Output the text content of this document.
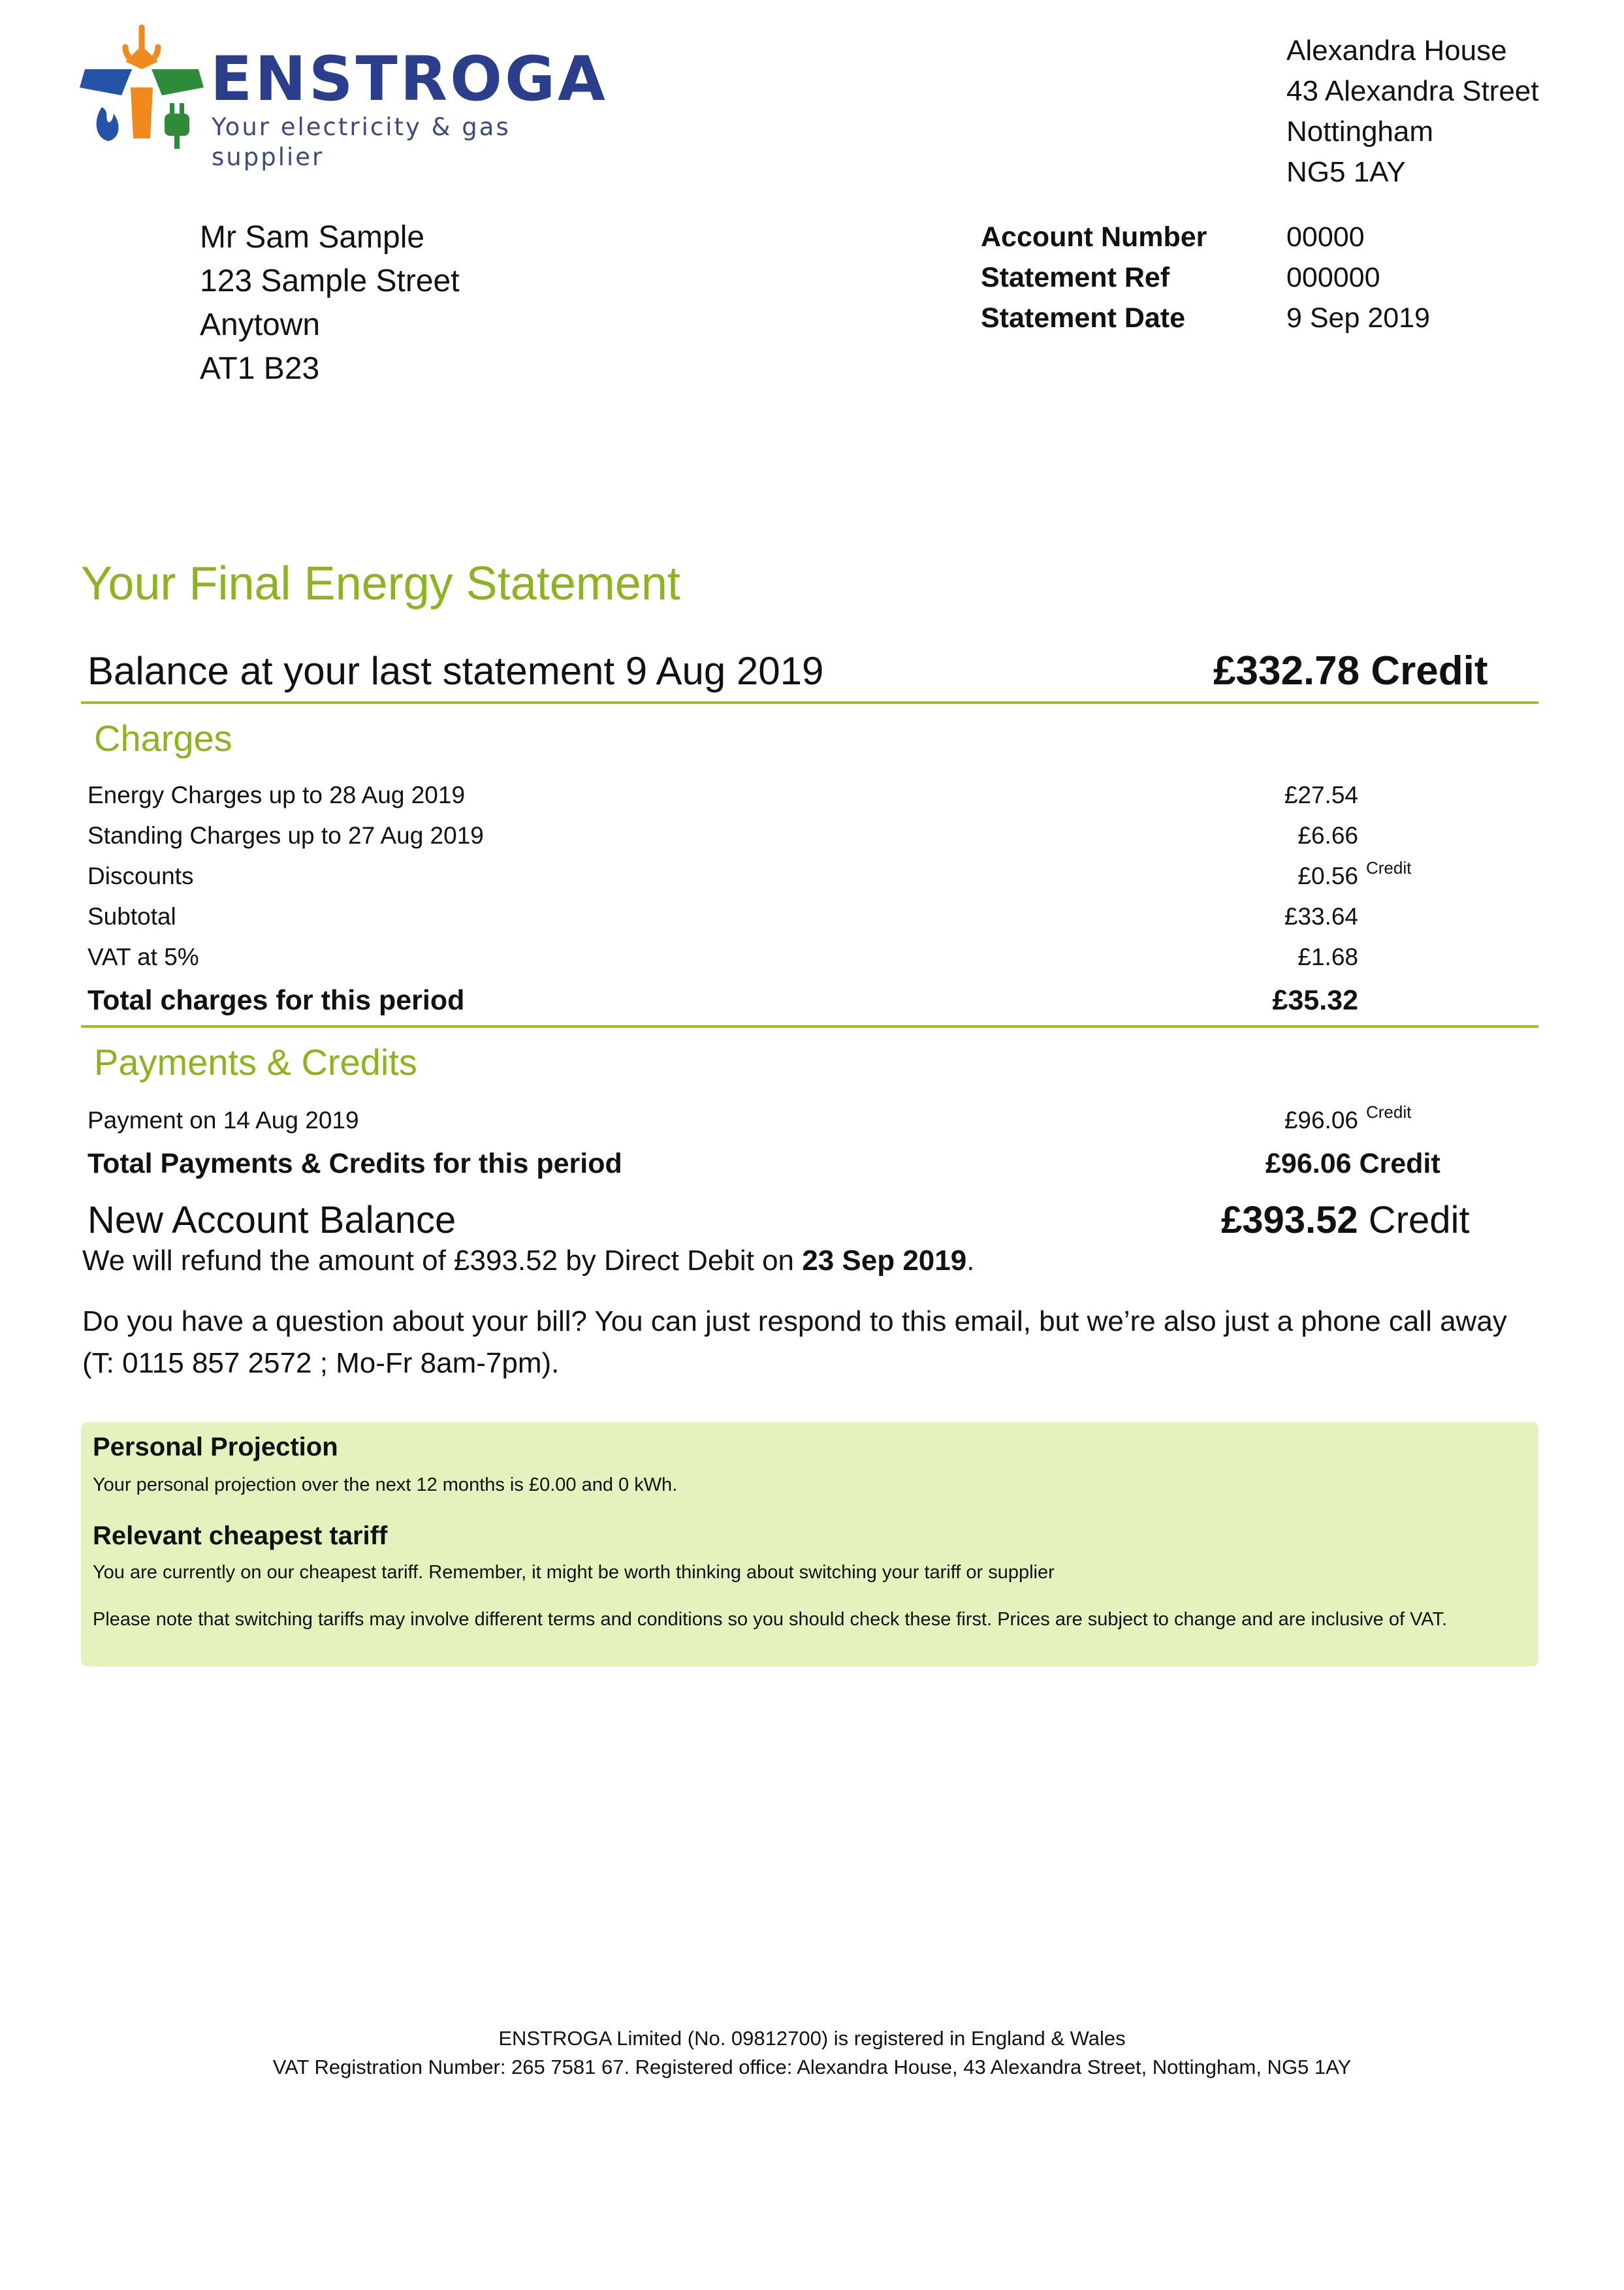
ENSTROGA
Your electricity & gas supplier
Alexandra House
43 Alexandra Street
Nottingham
NG5 1AY
Mr Sam Sample
123 Sample Street
Anytown
AT1 B23
Account Number	00000
Statement Ref	000000
Statement Date	9 Sep 2019
Your Final Energy Statement
Balance at your last statement 9 Aug 2019	£332.78 Credit
Charges
Energy Charges up to 28 Aug 2019	£27.54
Standing Charges up to 27 Aug 2019	£6.66
Discounts	£0.56 Credit
Subtotal	£33.64
VAT at 5%	£1.68
Total charges for this period	£35.32
Payments & Credits
Payment on 14 Aug 2019	£96.06 Credit
Total Payments & Credits for this period	£96.06 Credit
New Account Balance	£393.52 Credit
We will refund the amount of £393.52 by Direct Debit on 23 Sep 2019.
Do you have a question about your bill? You can just respond to this email, but we’re also just a phone call away (T: 0115 857 2572 ; Mo-Fr 8am-7pm).
Personal Projection
Your personal projection over the next 12 months is £0.00 and 0 kWh.
Relevant cheapest tariff
You are currently on our cheapest tariff. Remember, it might be worth thinking about switching your tariff or supplier
Please note that switching tariffs may involve different terms and conditions so you should check these first. Prices are subject to change and are inclusive of VAT.
ENSTROGA Limited (No. 09812700) is registered in England & Wales
VAT Registration Number: 265 7581 67. Registered office: Alexandra House, 43 Alexandra Street, Nottingham, NG5 1AY
